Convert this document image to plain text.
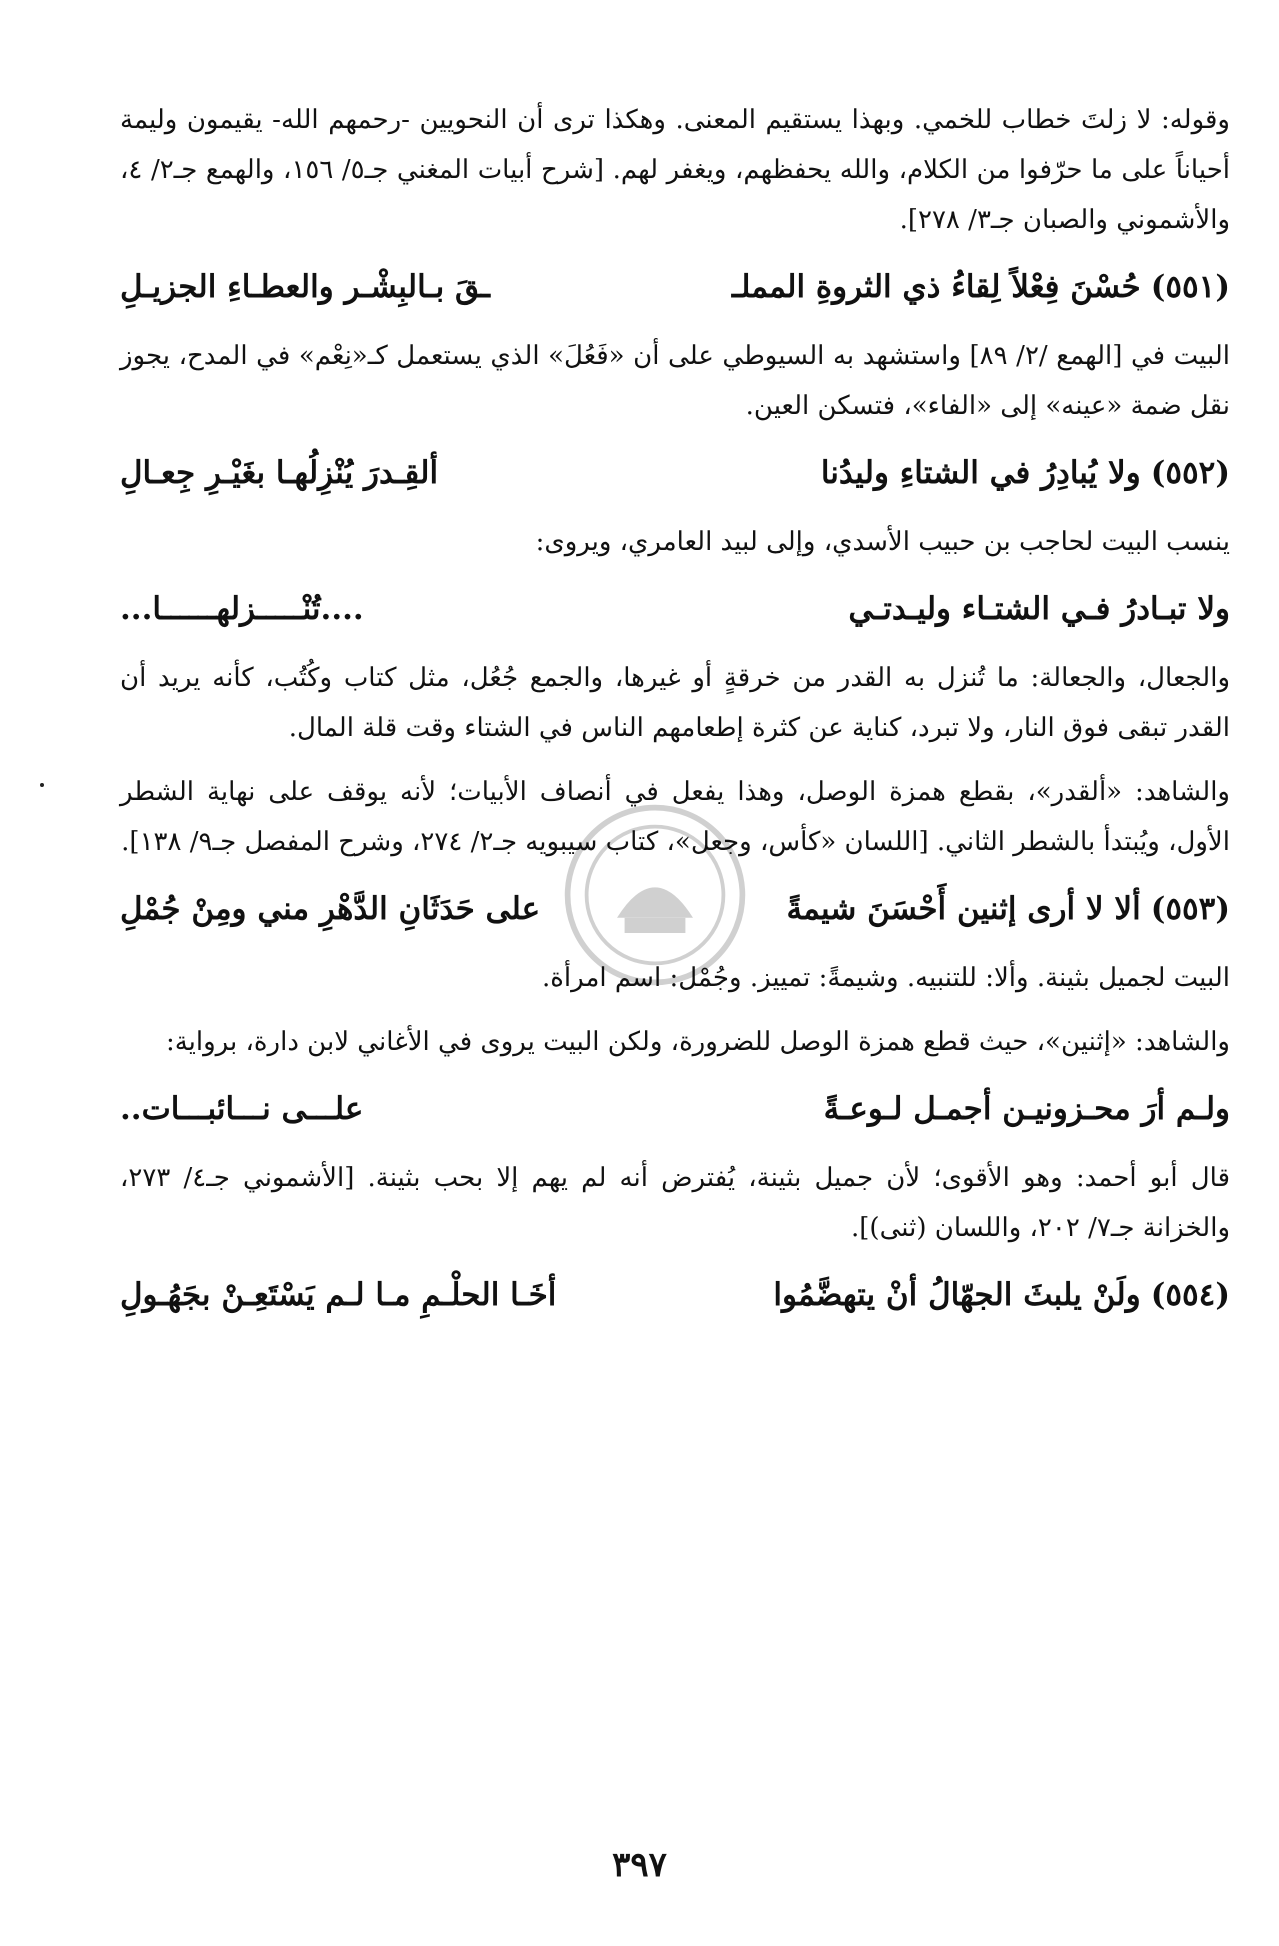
وقوله: لا زلتَ خطاب للخمي. وبهذا يستقيم المعنى. وهكذا ترى أن النحويين -رحمهم الله- يقيمون وليمة أحياناً على ما حرّفوا من الكلام، والله يحفظهم، ويغفر لهم. [شرح أبيات المغني جـ٥/ ١٥٦، والهمع جـ٢/ ٤، والأشموني والصبان جـ٣/ ٢٧٨].

(٥٥١)حُسْنَ فِعْلاً لِقاءُ ذي الثروةِ المملـ
ـقَ بـالبِشْـر والعطـاءِ الجزيـلِ

البيت في [الهمع /٢/ ٨٩] واستشهد به السيوطي على أن «فَعُلَ» الذي يستعمل كـ«نِعْم» في المدح، يجوز نقل ضمة «عينه» إلى «الفاء»، فتسكن العين.

(٥٥٢)ولا يُبادِرُ في الشتاءِ وليدُنا
ألقِـدرَ يُنْزِلُهـا بغَيْـرِ جِعـالِ

ينسب البيت لحاجب بن حبيب الأسدي، وإلى لبيد العامري، ويروى:

ولا تبـادرُ فـي الشتـاء وليـدتـي
....تُنْـــــزلهــــــا...

والجعال، والجعالة: ما تُنزل به القدر من خرقةٍ أو غيرها، والجمع جُعُل، مثل كتاب وكُتُب، كأنه يريد أن القدر تبقى فوق النار، ولا تبرد، كناية عن كثرة إطعامهم الناس في الشتاء وقت قلة المال.

والشاهد: «ألقدر»، بقطع همزة الوصل، وهذا يفعل في أنصاف الأبيات؛ لأنه يوقف على نهاية الشطر الأول، ويُبتدأ بالشطر الثاني. [اللسان «كأس، وجعل»، كتاب سيبويه جـ٢/ ٢٧٤، وشرح المفصل جـ٩/ ١٣٨].

(٥٥٣)ألا لا أرى إثنين أَحْسَنَ شيمةً
على حَدَثَانِ الدَّهْرِ مني ومِنْ جُمْلِ

البيت لجميل بثينة. وألا: للتنبيه. وشيمةً: تمييز. وجُمْل: اسم امرأة.

والشاهد: «إثنين»، حيث قطع همزة الوصل للضرورة، ولكن البيت يروى في الأغاني لابن دارة، برواية:

ولـم أرَ محـزونيـن أجمـل لـوعـةً
علـــى نـــائبـــات..

قال أبو أحمد: وهو الأقوى؛ لأن جميل بثينة، يُفترض أنه لم يهم إلا بحب بثينة. [الأشموني جـ٤/ ٢٧٣، والخزانة جـ٧/ ٢٠٢، واللسان (ثنى)].

(٥٥٤)ولَنْ يلبثَ الجهّالُ أنْ يتهضَّمُوا
أخَـا الحلْـمِ مـا لـم يَسْتَعِـنْ بجَهُـولِ
٣٩٧
